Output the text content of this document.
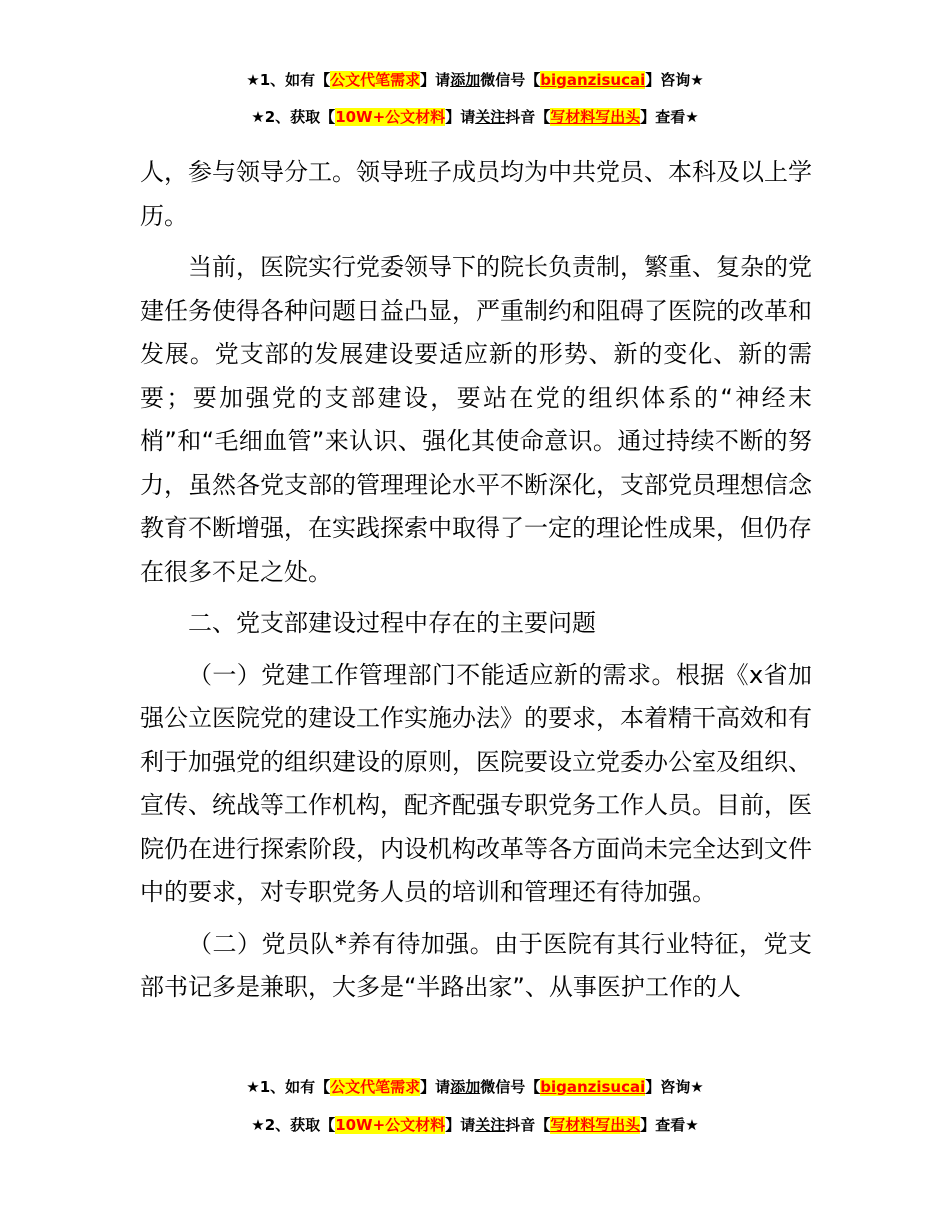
★1、如有【公文代笔需求】请添加微信号【biganzisucai】咨询★
★2、获取【10W+公文材料】请关注抖音【写材料写出头】查看★

人，参与领导分工。领导班子成员均为中共党员、本科及以上学历。

当前，医院实行党委领导下的院长负责制，繁重、复杂的党建任务使得各种问题日益凸显，严重制约和阻碍了医院的改革和发展。党支部的发展建设要适应新的形势、新的变化、新的需要；要加强党的支部建设，要站在党的组织体系的“神经末梢”和“毛细血管”来认识、强化其使命意识。通过持续不断的努力，虽然各党支部的管理理论水平不断深化，支部党员理想信念教育不断增强，在实践探索中取得了一定的理论性成果，但仍存在很多不足之处。

二、党支部建设过程中存在的主要问题

（一）党建工作管理部门不能适应新的需求。根据《x省加强公立医院党的建设工作实施办法》的要求，本着精干高效和有利于加强党的组织建设的原则，医院要设立党委办公室及组织、宣传、统战等工作机构，配齐配强专职党务工作人员。目前，医院仍在进行探索阶段，内设机构改革等各方面尚未完全达到文件中的要求，对专职党务人员的培训和管理还有待加强。

（二）党员队*养有待加强。由于医院有其行业特征，党支部书记多是兼职，大多是“半路出家”、从事医护工作的人

★1、如有【公文代笔需求】请添加微信号【biganzisucai】咨询★
★2、获取【10W+公文材料】请关注抖音【写材料写出头】查看★
